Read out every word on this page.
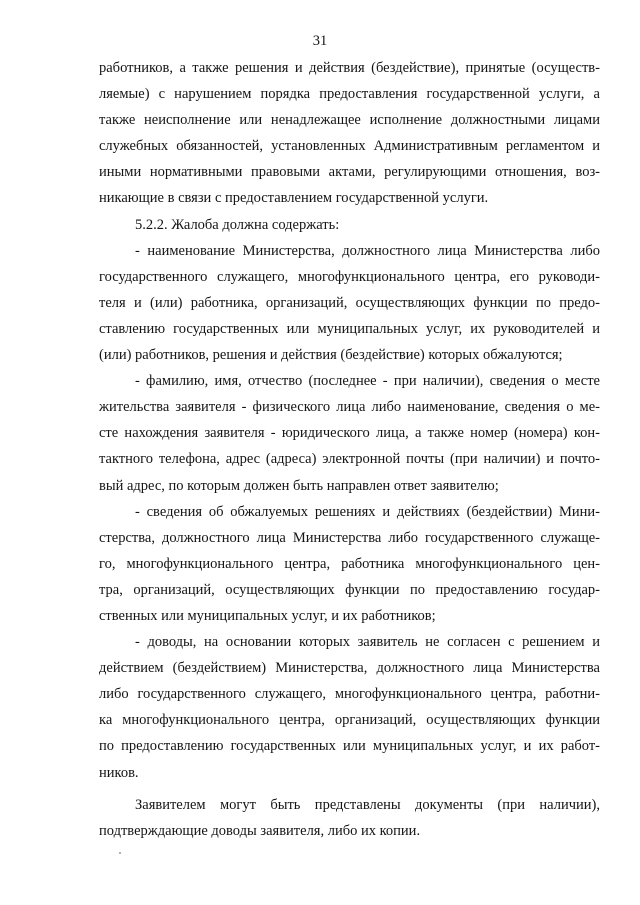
31
работников, а также решения и действия (бездействие), принятые (осуществ-
ляемые) с нарушением порядка предоставления государственной услуги, а
также неисполнение или ненадлежащее исполнение должностными лицами
служебных обязанностей, установленных Административным регламентом и
иными нормативными правовыми актами, регулирующими отношения, воз-
никающие в связи с предоставлением государственной услуги.
5.2.2. Жалоба должна содержать:
- наименование Министерства, должностного лица Министерства либо
государственного служащего, многофункционального центра, его руководи-
теля и (или) работника, организаций, осуществляющих функции по предо-
ставлению государственных или муниципальных услуг, их руководителей и
(или) работников, решения и действия (бездействие) которых обжалуются;
- фамилию, имя, отчество (последнее - при наличии), сведения о месте
жительства заявителя - физического лица либо наименование, сведения о ме-
сте нахождения заявителя - юридического лица, а также номер (номера) кон-
тактного телефона, адрес (адреса) электронной почты (при наличии) и почто-
вый адрес, по которым должен быть направлен ответ заявителю;
- сведения об обжалуемых решениях и действиях (бездействии) Мини-
стерства, должностного лица Министерства либо государственного служаще-
го, многофункционального центра, работника многофункционального цен-
тра, организаций, осуществляющих функции по предоставлению государ-
ственных или муниципальных услуг, и их работников;
- доводы, на основании которых заявитель не согласен с решением и
действием (бездействием) Министерства, должностного лица Министерства
либо государственного служащего, многофункционального центра, работни-
ка многофункционального центра, организаций, осуществляющих функции
по предоставлению государственных или муниципальных услуг, и их работ-
ников.
Заявителем могут быть представлены документы (при наличии),
подтверждающие доводы заявителя, либо их копии.
